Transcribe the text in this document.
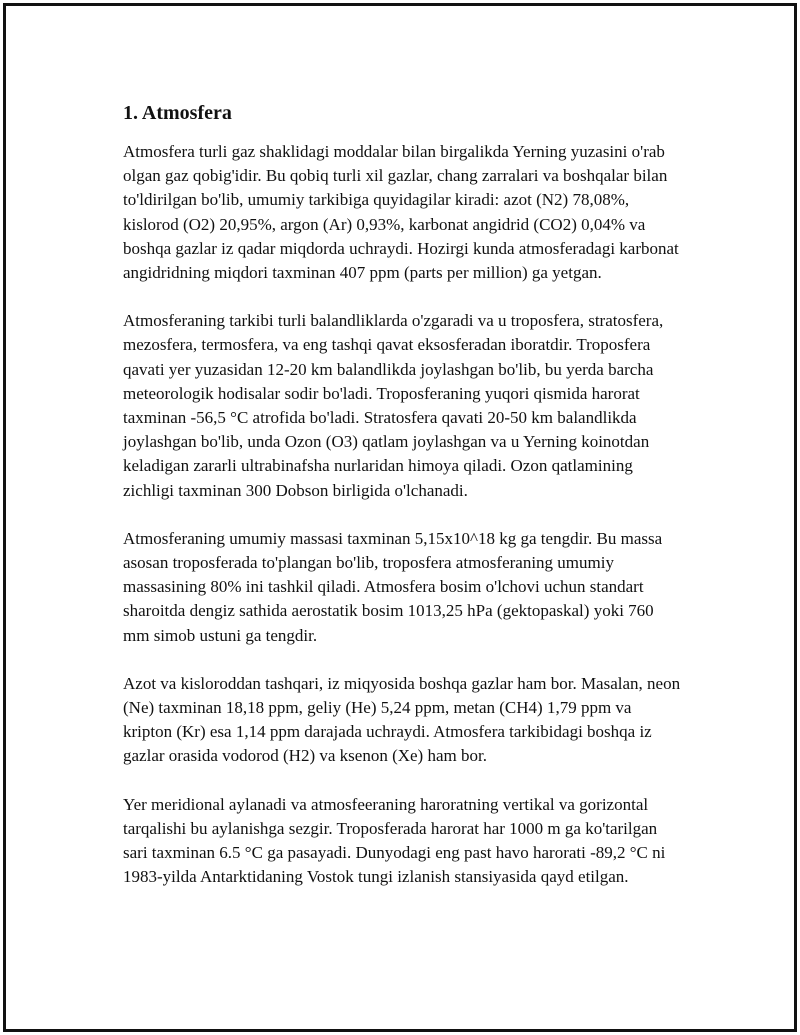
1. Atmosfera

Atmosfera turli gaz shaklidagi moddalar bilan birgalikda Yerning yuzasini o'rab olgan gaz qobig'idir. Bu qobiq turli xil gazlar, chang zarralari va boshqalar bilan to'ldirilgan bo'lib, umumiy tarkibiga quyidagilar kiradi: azot (N2) 78,08%, kislorod (O2) 20,95%, argon (Ar) 0,93%, karbonat angidrid (CO2) 0,04% va boshqa gazlar iz qadar miqdorda uchraydi. Hozirgi kunda atmosferadagi karbonat angidridning miqdori taxminan 407 ppm (parts per million) ga yetgan.

Atmosferaning tarkibi turli balandliklarda o'zgaradi va u troposfera, stratosfera, mezosfera, termosfera, va eng tashqi qavat eksosferadan iboratdir. Troposfera qavati yer yuzasidan 12-20 km balandlikda joylashgan bo'lib, bu yerda barcha meteorologik hodisalar sodir bo'ladi. Troposferaning yuqori qismida harorat taxminan -56,5 °C atrofida bo'ladi. Stratosfera qavati 20-50 km balandlikda joylashgan bo'lib, unda Ozon (O3) qatlam joylashgan va u Yerning koinotdan keladigan zararli ultrabinafsha nurlaridan himoya qiladi. Ozon qatlamining zichligi taxminan 300 Dobson birligida o'lchanadi.

Atmosferaning umumiy massasi taxminan 5,15x10^18 kg ga tengdir. Bu massa asosan troposferada to'plangan bo'lib, troposfera atmosferaning umumiy massasining 80% ini tashkil qiladi. Atmosfera bosim o'lchovi uchun standart sharoitda dengiz sathida aerostatik bosim 1013,25 hPa (gektopaskal) yoki 760 mm simob ustuni ga tengdir.

Azot va kisloroddan tashqari, iz miqyosida boshqa gazlar ham bor. Masalan, neon (Ne) taxminan 18,18 ppm, geliy (He) 5,24 ppm, metan (CH4) 1,79 ppm va kripton (Kr) esa 1,14 ppm darajada uchraydi. Atmosfera tarkibidagi boshqa iz gazlar orasida vodorod (H2) va ksenon (Xe) ham bor.

Yer meridional aylanadi va atmosfeeraning haroratning vertikal va gorizontal tarqalishi bu aylanishga sezgir. Troposferada harorat har 1000 m ga ko'tarilgan sari taxminan 6.5 °C ga pasayadi. Dunyodagi eng past havo harorati -89,2 °C ni 1983-yilda Antarktidaning Vostok tungi izlanish stansiyasida qayd etilgan.
